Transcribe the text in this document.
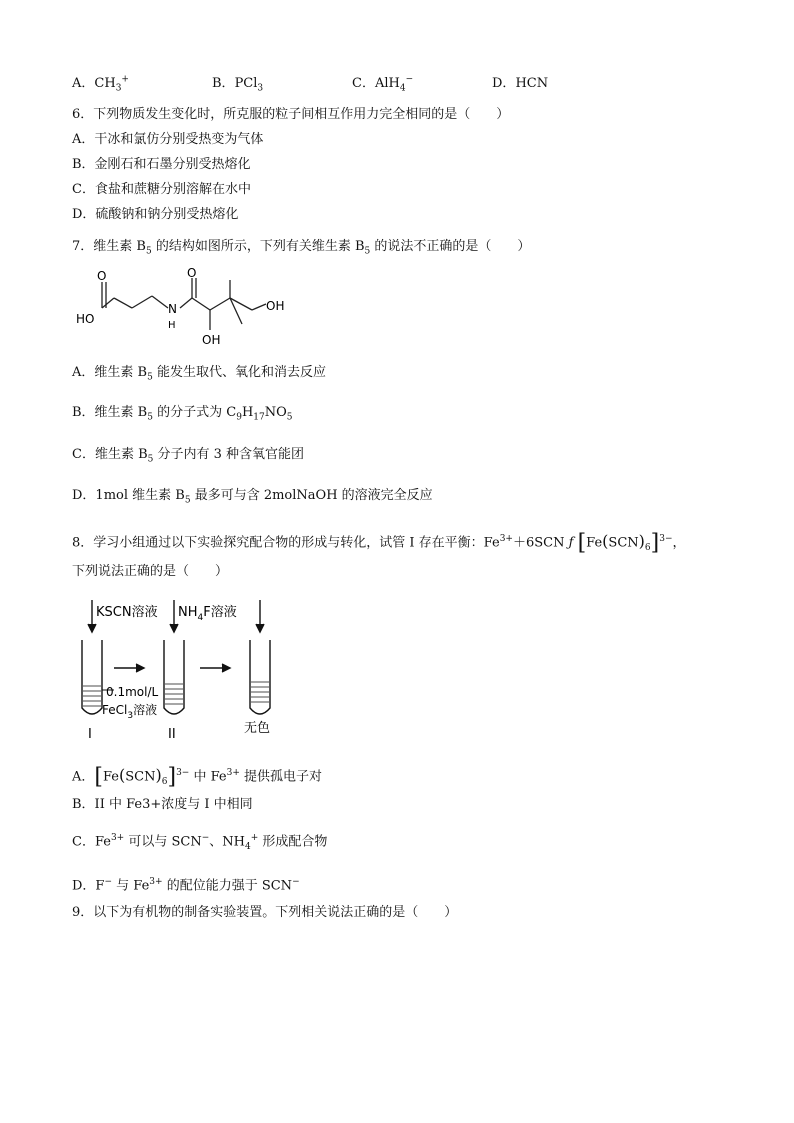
A．$CH_3^+$	B．PCl$_3$	C．AlH$_4$−	D．HCN
6．下列物质发生变化时，所克服的粒子间相互作用力完全相同的是（　　）
A．干冰和氯仿分别受热变为气体
B．金刚石和石墨分别受热熔化
C．食盐和蔗糖分别溶解在水中
D．硫酸钠和钠分别受热熔化
7．维生素 $B_5$ 的结构如图所示，下列有关维生素 $B_5$ 的说法不正确的是（　　）
O	O
HO
N
H
OH
OH
A．维生素 $B_5$ 能发生取代、氧化和消去反应
B．维生素 $B_5$ 的分子式为 $C_9H_{17}NO_5$
C．维生素 $B_5$ 分子内有 3 种含氧官能团
D．1mol 维生素 $B_5$ 最多可与含 2molNaOH 的溶液完全反应
8．学习小组通过以下实验探究配合物的形成与转化，试管 I 存在平衡：$Fe^{3+}+6SCN$ ƒ $[Fe(SCN)_6]^{3-}$，
下列说法正确的是（　　）
KSCN溶液 $NH_4F$溶液
0.1mol/L
FeCl$_3$溶液
I	II	无色
A．$[Fe(SCN)_6]^{3-}$ 中 $Fe^{3+}$ 提供孤电子对
B．II 中 Fe3+浓度与 I 中相同
C．$Fe^{3+}$ 可以与 SCN−、$NH_4^+$ 形成配合物
D．F− 与 $Fe^{3+}$ 的配位能力强于 SCN−
9．以下为有机物的制备实验装置。下列相关说法正确的是（　　）
